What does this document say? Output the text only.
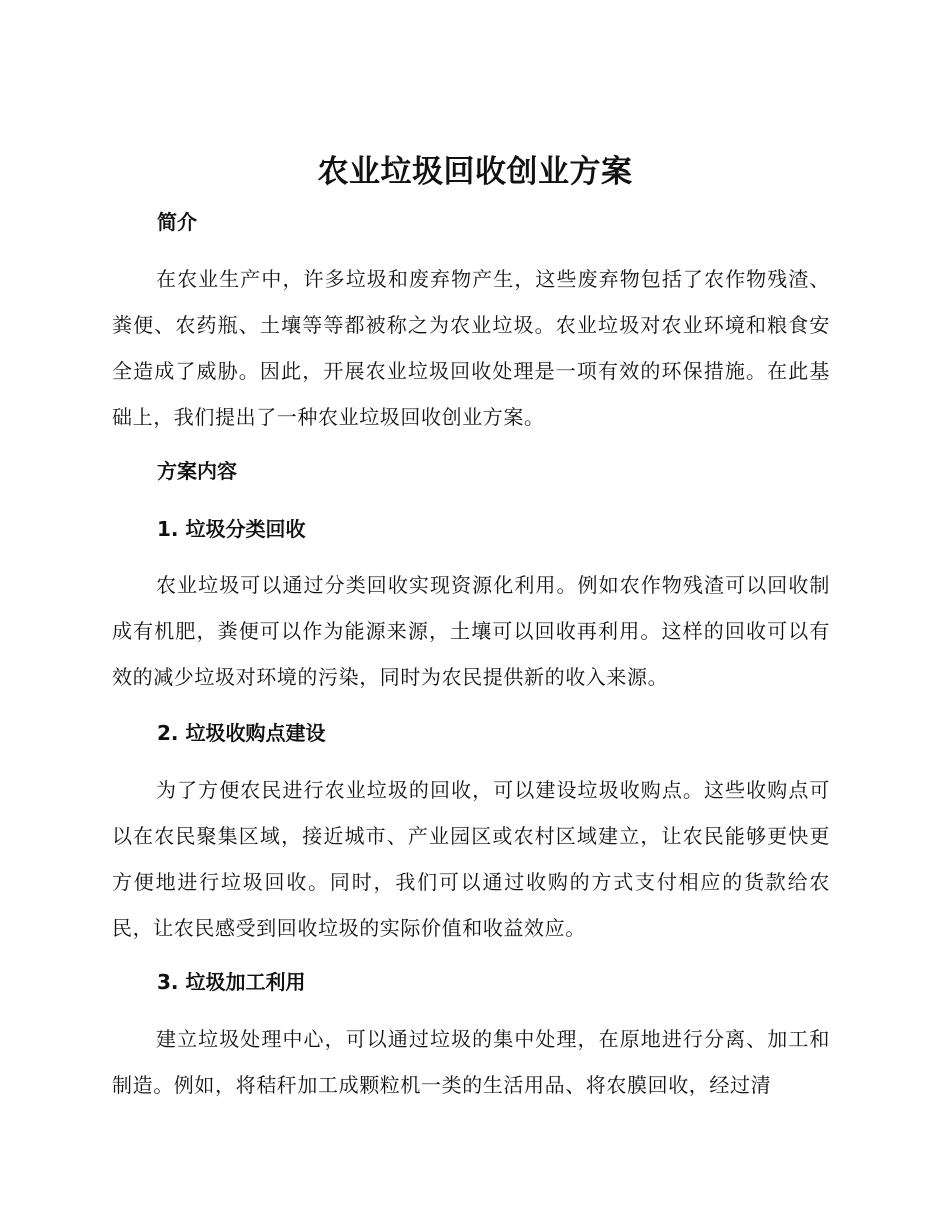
农业垃圾回收创业方案
简介

在农业生产中，许多垃圾和废弃物产生，这些废弃物包括了农作物残渣、粪便、农药瓶、土壤等等都被称之为农业垃圾。农业垃圾对农业环境和粮食安全造成了威胁。因此，开展农业垃圾回收处理是一项有效的环保措施。在此基础上，我们提出了一种农业垃圾回收创业方案。

方案内容
1. 垃圾分类回收

农业垃圾可以通过分类回收实现资源化利用。例如农作物残渣可以回收制成有机肥，粪便可以作为能源来源，土壤可以回收再利用。这样的回收可以有效的减少垃圾对环境的污染，同时为农民提供新的收入来源。

2. 垃圾收购点建设

为了方便农民进行农业垃圾的回收，可以建设垃圾收购点。这些收购点可以在农民聚集区域，接近城市、产业园区或农村区域建立，让农民能够更快更方便地进行垃圾回收。同时，我们可以通过收购的方式支付相应的货款给农民，让农民感受到回收垃圾的实际价值和收益效应。

3. 垃圾加工利用

建立垃圾处理中心，可以通过垃圾的集中处理，在原地进行分离、加工和制造。例如，将秸秆加工成颗粒机一类的生活用品、将农膜回收，经过清
